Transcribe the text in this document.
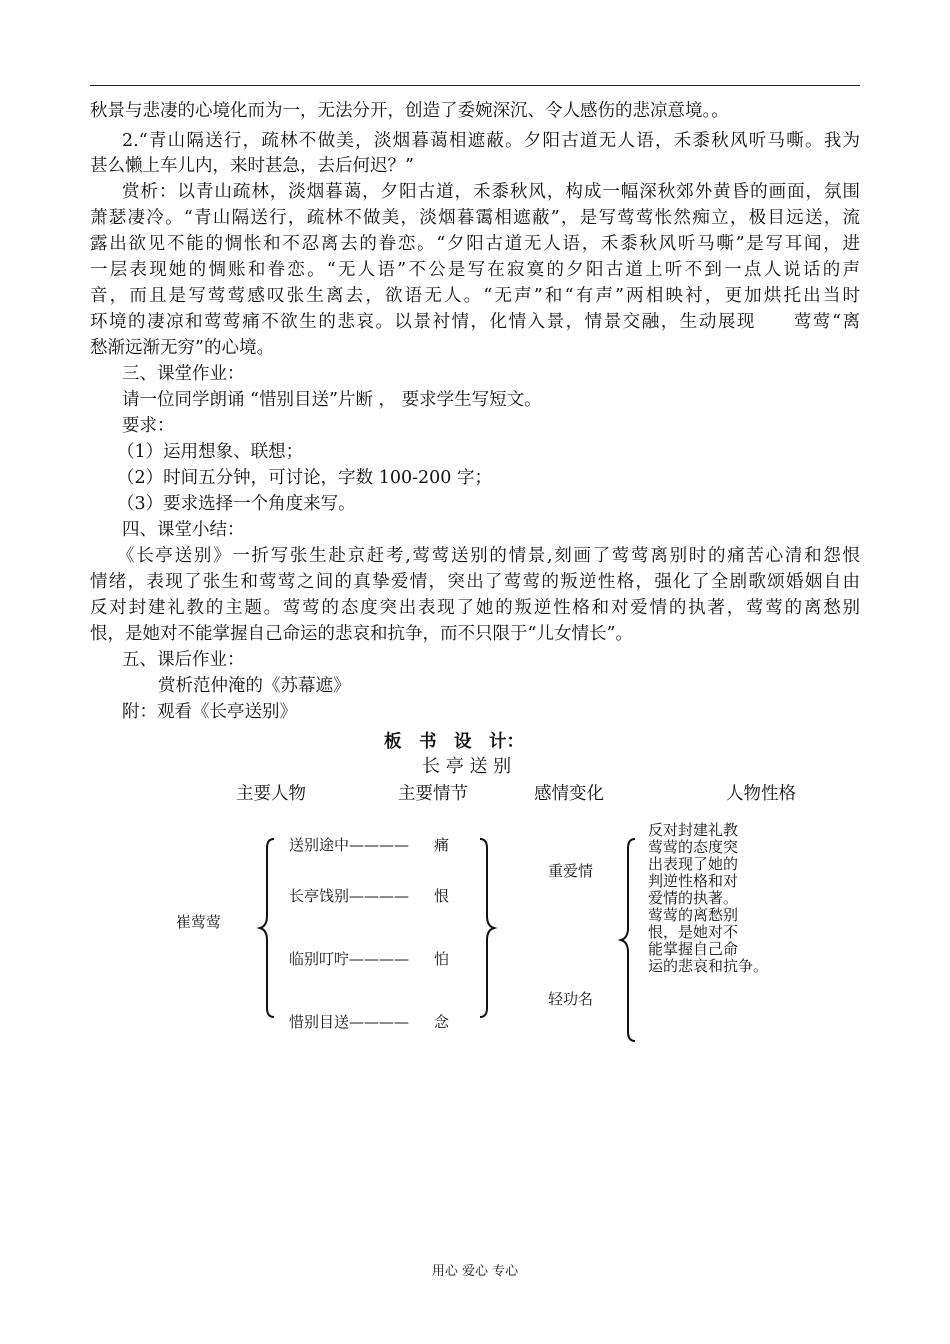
秋景与悲凄的心境化而为一，无法分开，创造了委婉深沉、令人感伤的悲凉意境。。
2.“青山隔送行，疏林不做美，淡烟暮蔼相遮蔽。夕阳古道无人语，禾黍秋风听马嘶。我为
甚么懒上车儿内，来时甚急，去后何迟？”
赏析：以青山疏林，淡烟暮蔼，夕阳古道，禾黍秋风，构成一幅深秋郊外黄昏的画面，氛围
萧瑟凄冷。“青山隔送行，疏林不做美，淡烟暮霭相遮蔽”，是写莺莺怅然痴立，极目远送，流
露出欲见不能的惆怅和不忍离去的眷恋。“夕阳古道无人语，禾黍秋风听马嘶”是写耳闻，进
一层表现她的惆账和眷恋。“无人语”不公是写在寂寞的夕阳古道上听不到一点人说话的声
音，而且是写莺莺感叹张生离去，欲语无人。“无声”和“有声”两相映衬，更加烘托出当时
环境的凄凉和莺莺痛不欲生的悲哀。以景衬情，化情入景，情景交融，生动展现　　莺莺“离
愁渐远渐无穷”的心境。
三、课堂作业：
请一位同学朗诵 “惜别目送”片断 ， 要求学生写短文。
要求：
（1）运用想象、联想；
（2）时间五分钟，可讨论，字数 100-200 字；
（3）要求选择一个角度来写。
四、课堂小结：
《长亭送别》一折写张生赴京赶考,莺莺送别的情景,刻画了莺莺离别时的痛苦心清和怨恨
情绪，表现了张生和莺莺之间的真挚爱情，突出了莺莺的叛逆性格，强化了全剧歌颂婚姻自由
反对封建礼教的主题。莺莺的态度突出表现了她的叛逆性格和对爱情的执著，莺莺的离愁别
恨，是她对不能掌握自己命运的悲哀和抗争，而不只限于“儿女情长”。
五、课后作业：
赏析范仲淹的《苏幕遮》
附：观看《长亭送别》
板　书　设　计：
长 亭 送 别
主要人物	主要情节	感情变化	人物性格
崔莺莺
送别途中———— 痛
长亭饯别———— 恨
临别叮咛———— 怕
惜别目送———— 念
重爱情
轻功名
反对封建礼教
莺莺的态度突
出表现了她的
判逆性格和对
爱情的执著。
莺莺的离愁别
恨，是她对不
能掌握自己命
运的悲哀和抗争。
用心 爱心 专心
